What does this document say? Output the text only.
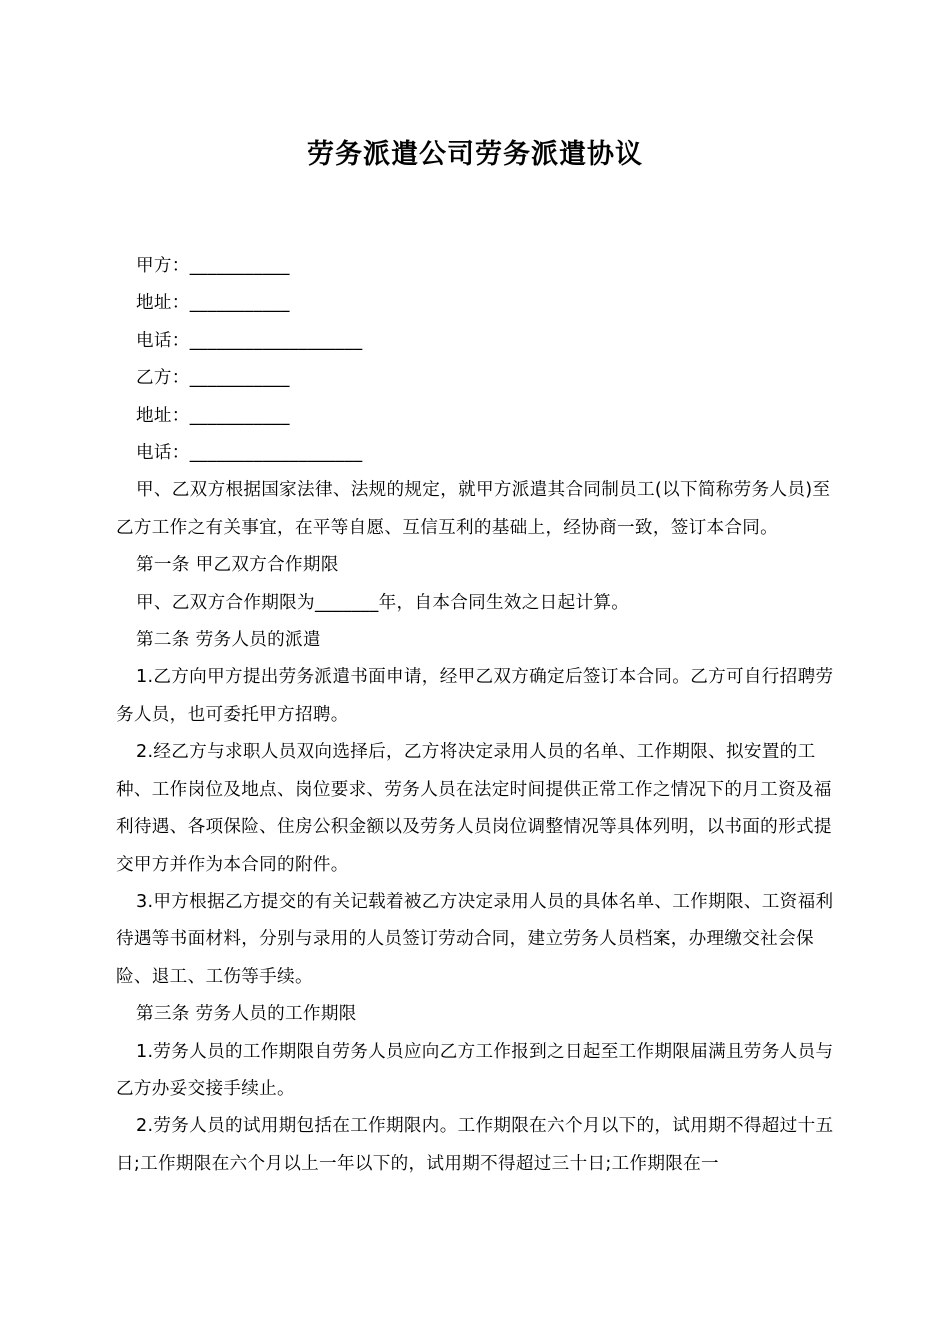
劳务派遣公司劳务派遣协议

甲方：___________

地址：___________

电话：___________________

乙方：___________

地址：___________

电话：___________________

甲、乙双方根据国家法律、法规的规定，就甲方派遣其合同制员工(以下简称劳务人员)至乙方工作之有关事宜，在平等自愿、互信互利的基础上，经协商一致，签订本合同。

第一条 甲乙双方合作期限

甲、乙双方合作期限为_______年，自本合同生效之日起计算。

第二条 劳务人员的派遣

1.乙方向甲方提出劳务派遣书面申请，经甲乙双方确定后签订本合同。乙方可自行招聘劳务人员，也可委托甲方招聘。

2.经乙方与求职人员双向选择后，乙方将决定录用人员的名单、工作期限、拟安置的工种、工作岗位及地点、岗位要求、劳务人员在法定时间提供正常工作之情况下的月工资及福利待遇、各项保险、住房公积金额以及劳务人员岗位调整情况等具体列明，以书面的形式提交甲方并作为本合同的附件。

3.甲方根据乙方提交的有关记载着被乙方决定录用人员的具体名单、工作期限、工资福利待遇等书面材料，分别与录用的人员签订劳动合同，建立劳务人员档案，办理缴交社会保险、退工、工伤等手续。

第三条 劳务人员的工作期限

1.劳务人员的工作期限自劳务人员应向乙方工作报到之日起至工作期限届满且劳务人员与乙方办妥交接手续止。

2.劳务人员的试用期包括在工作期限内。工作期限在六个月以下的，试用期不得超过十五日;工作期限在六个月以上一年以下的，试用期不得超过三十日;工作期限在一
